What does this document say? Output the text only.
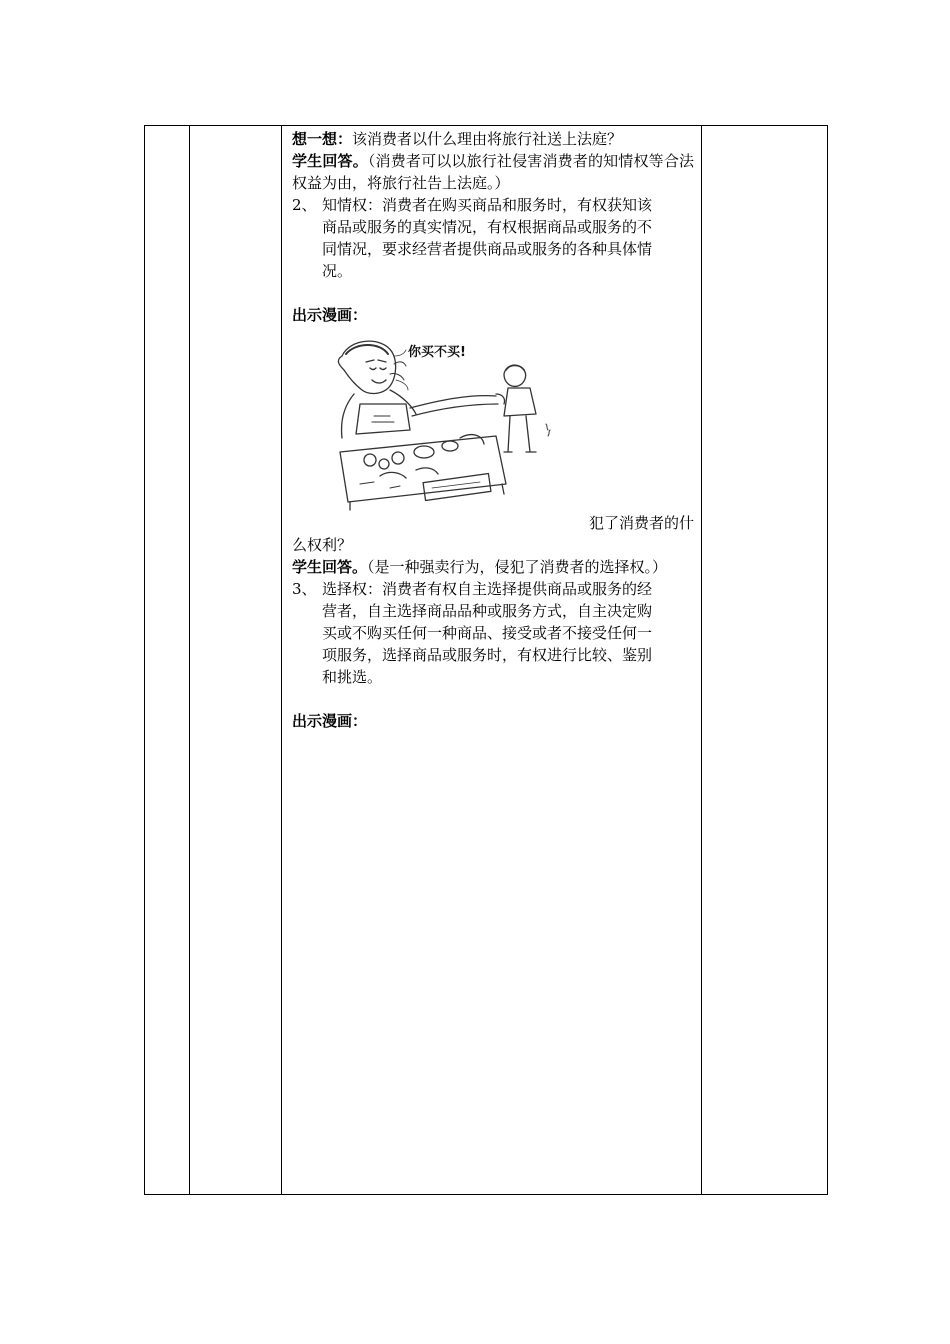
想一想：该消费者以什么理由将旅行社送上法庭？

学生回答。（消费者可以以旅行社侵害消费者的知情权等合法权益为由，将旅行社告上法庭。）

2、 知情权：消费者在购买商品和服务时，有权获知该
商品或服务的真实情况，有权根据商品或服务的不
同情况，要求经营者提供商品或服务的各种具体情
况。

出示漫画：

你买不买!
犯了消费者的什

么权利？

学生回答。（是一种强卖行为，侵犯了消费者的选择权。）

3、 选择权：消费者有权自主选择提供商品或服务的经
营者，自主选择商品品种或服务方式，自主决定购
买或不购买任何一种商品、接受或者不接受任何一
项服务，选择商品或服务时，有权进行比较、鉴别
和挑选。

出示漫画：
